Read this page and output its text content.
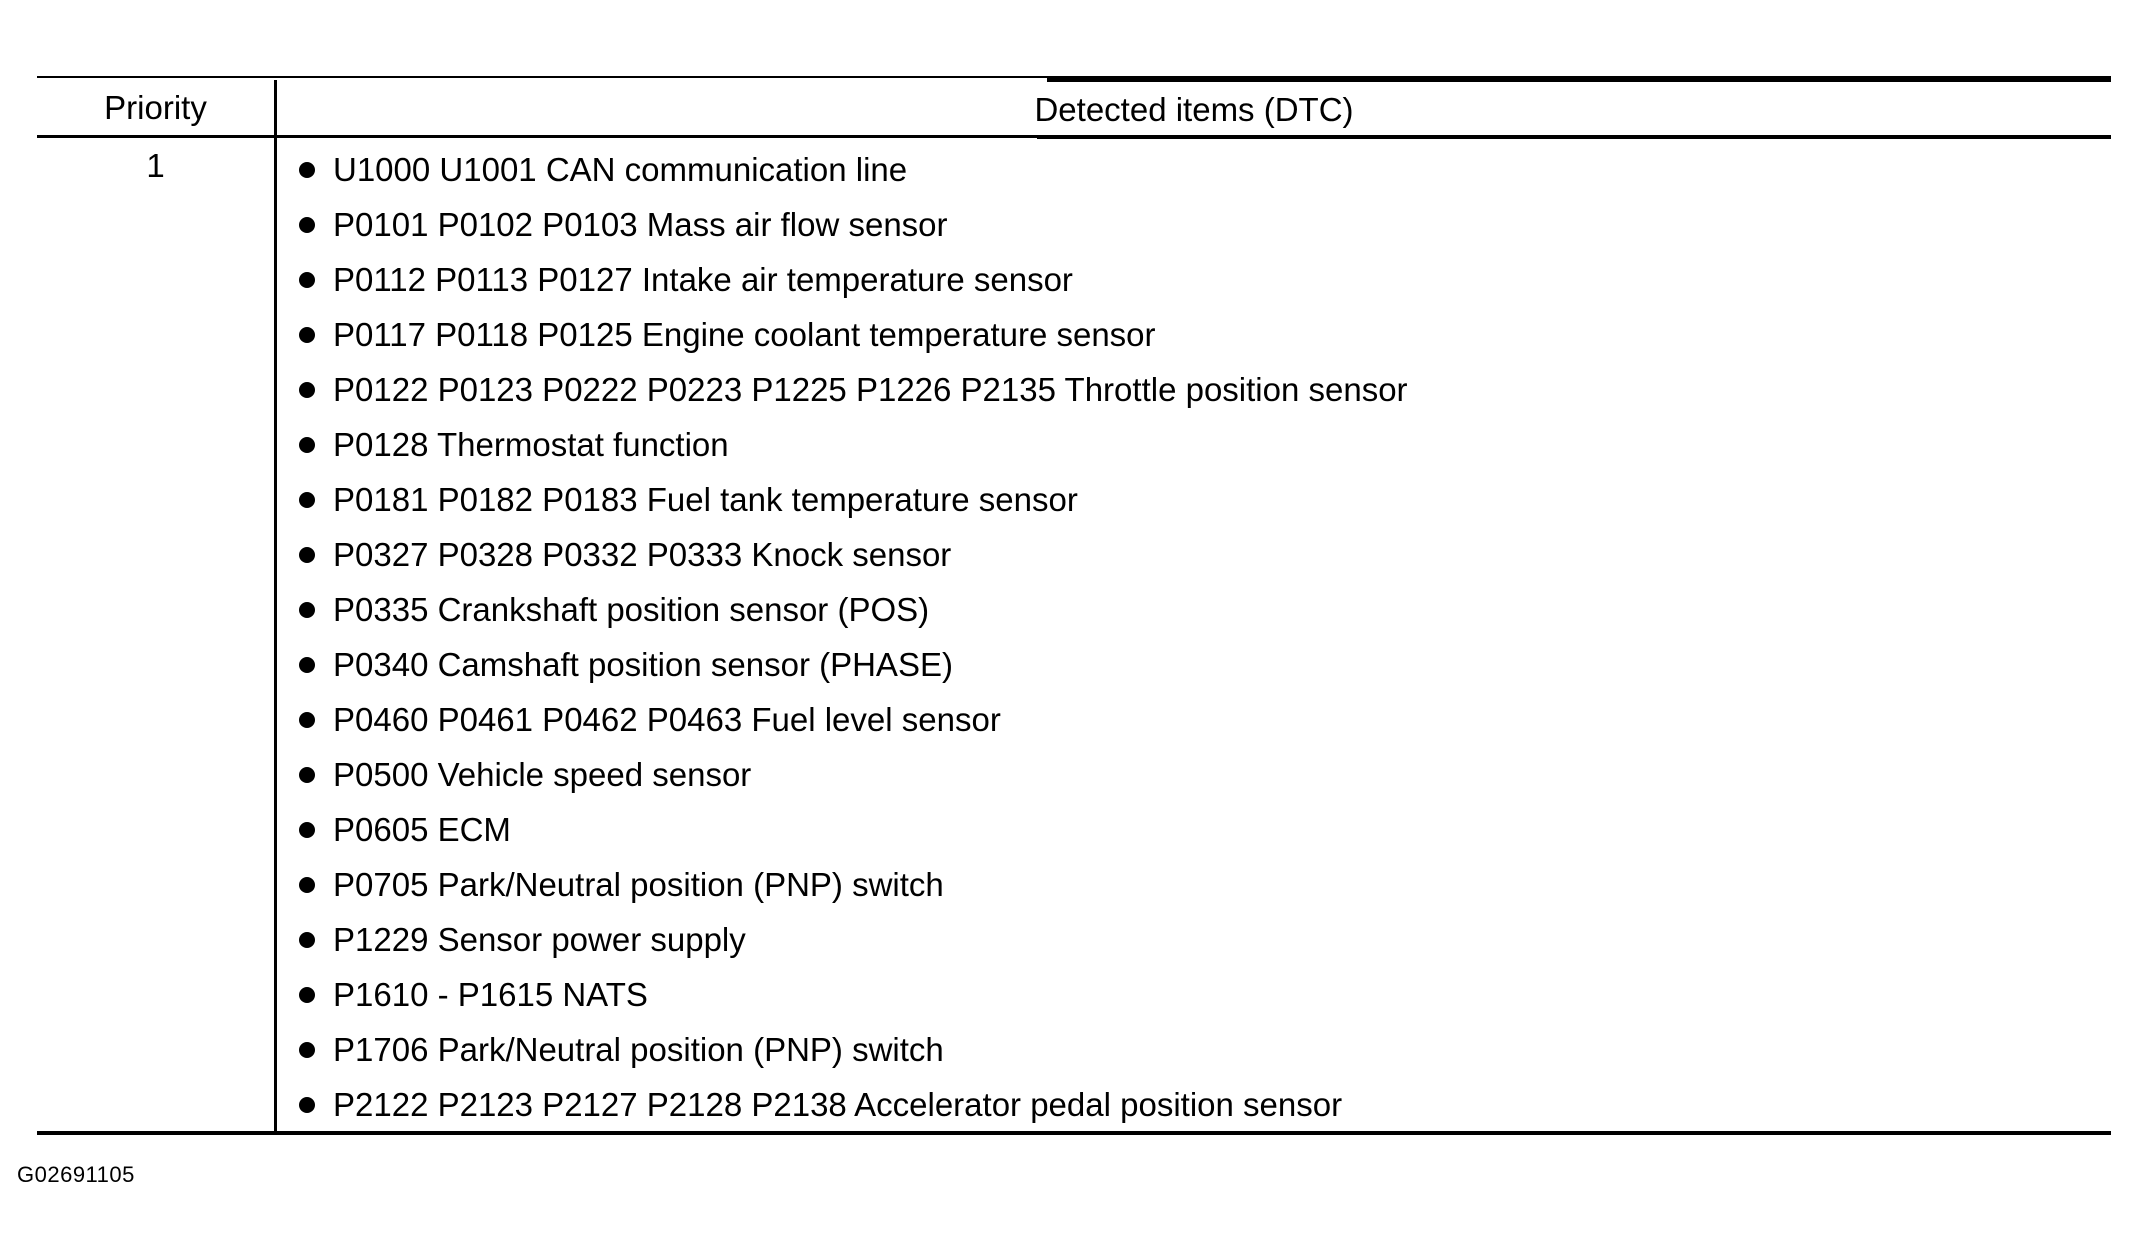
Priority	Detected items (DTC)
1	U1000 U1001 CAN communication line
P0101 P0102 P0103 Mass air flow sensor
P0112 P0113 P0127 Intake air temperature sensor
P0117 P0118 P0125 Engine coolant temperature sensor
P0122 P0123 P0222 P0223 P1225 P1226 P2135 Throttle position sensor
P0128 Thermostat function
P0181 P0182 P0183 Fuel tank temperature sensor
P0327 P0328 P0332 P0333 Knock sensor
P0335 Crankshaft position sensor (POS)
P0340 Camshaft position sensor (PHASE)
P0460 P0461 P0462 P0463 Fuel level sensor
P0500 Vehicle speed sensor
P0605 ECM
P0705 Park/Neutral position (PNP) switch
P1229 Sensor power supply
P1610 - P1615 NATS
P1706 Park/Neutral position (PNP) switch
P2122 P2123 P2127 P2128 P2138 Accelerator pedal position sensor
G02691105
